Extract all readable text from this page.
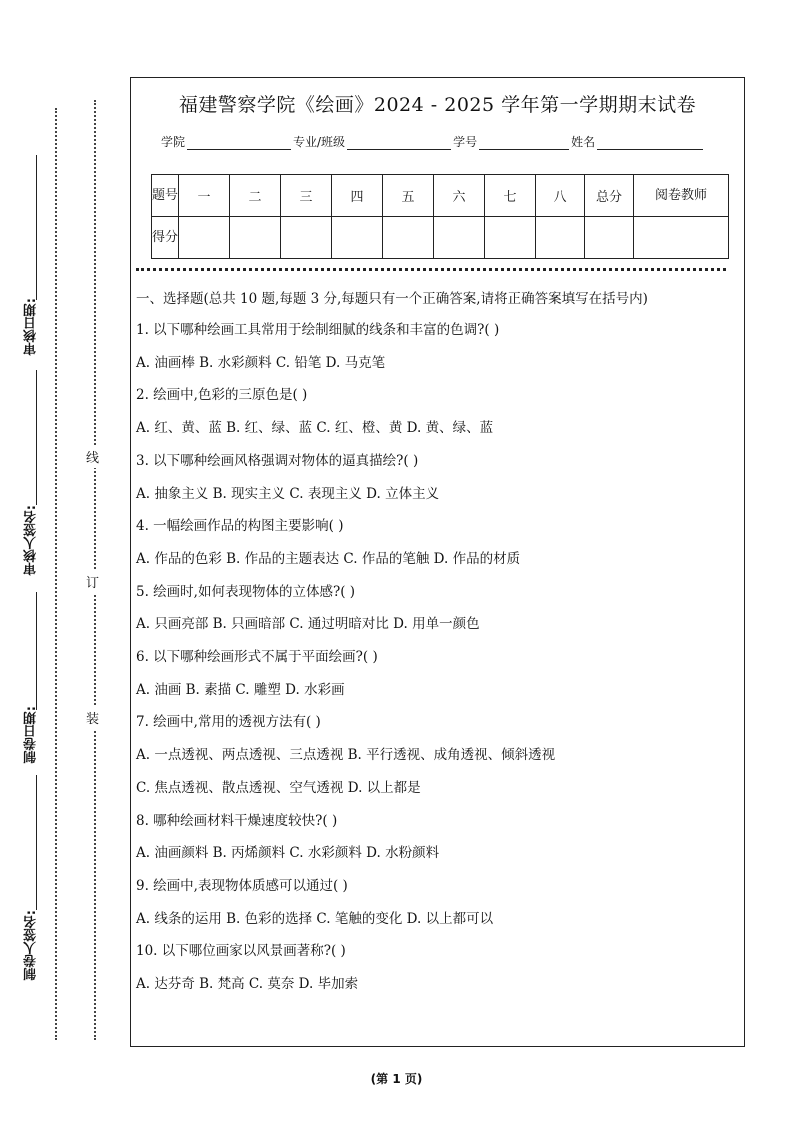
审核日期:
审核人签名:
制卷日期:
制卷人签名:
线
订
装
福建警察学院《绘画》2024 - 2025 学年第一学期期末试卷
学院	专业/班级	学号	姓名
题号	一	二	三	四	五	六	七	八	总分	阅卷教师
得分										
一、选择题(总共 10 题,每题 3 分,每题只有一个正确答案,请将正确答案填写在括号内)
1. 以下哪种绘画工具常用于绘制细腻的线条和丰富的色调?( )
A. 油画棒 B. 水彩颜料 C. 铅笔 D. 马克笔
2. 绘画中,色彩的三原色是( )
A. 红、黄、蓝 B. 红、绿、蓝 C. 红、橙、黄 D. 黄、绿、蓝
3. 以下哪种绘画风格强调对物体的逼真描绘?( )
A. 抽象主义 B. 现实主义 C. 表现主义 D. 立体主义
4. 一幅绘画作品的构图主要影响( )
A. 作品的色彩 B. 作品的主题表达 C. 作品的笔触 D. 作品的材质
5. 绘画时,如何表现物体的立体感?( )
A. 只画亮部 B. 只画暗部 C. 通过明暗对比 D. 用单一颜色
6. 以下哪种绘画形式不属于平面绘画?( )
A. 油画 B. 素描 C. 雕塑 D. 水彩画
7. 绘画中,常用的透视方法有( )
A. 一点透视、两点透视、三点透视 B. 平行透视、成角透视、倾斜透视
C. 焦点透视、散点透视、空气透视 D. 以上都是
8. 哪种绘画材料干燥速度较快?( )
A. 油画颜料 B. 丙烯颜料 C. 水彩颜料 D. 水粉颜料
9. 绘画中,表现物体质感可以通过( )
A. 线条的运用 B. 色彩的选择 C. 笔触的变化 D. 以上都可以
10. 以下哪位画家以风景画著称?( )
A. 达芬奇 B. 梵高 C. 莫奈 D. 毕加索
(第 1 页)
